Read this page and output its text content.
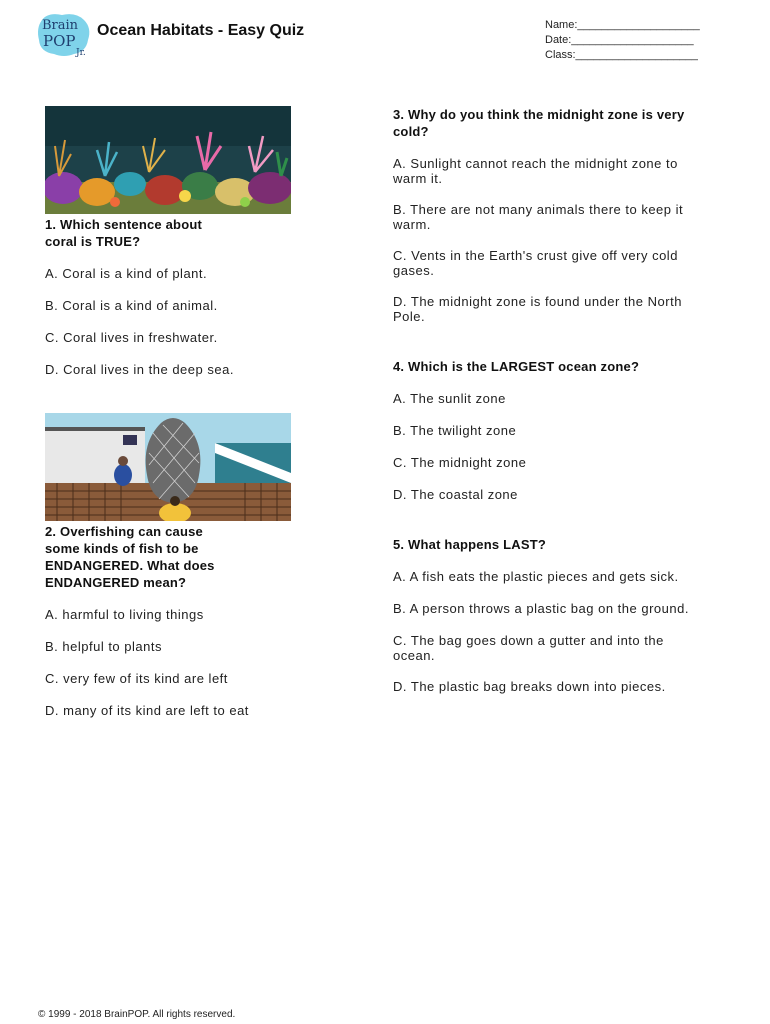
Brain
POP
Jr.
Ocean Habitats - Easy Quiz	Name:____________________
Date:____________________
Class:____________________

1. Which sentence about
coral is TRUE?

A. Coral is a kind of plant.

B. Coral is a kind of animal.

C. Coral lives in freshwater.

D. Coral lives in the deep sea.

2. Overfishing can cause
some kinds of fish to be
ENDANGERED. What does
ENDANGERED mean?

A. harmful to living things

B. helpful to plants

C. very few of its kind are left

D. many of its kind are left to eat

3. Why do you think the midnight zone is very
cold?

A. Sunlight cannot reach the midnight zone to
warm it.

B. There are not many animals there to keep it
warm.

C. Vents in the Earth's crust give off very cold
gases.

D. The midnight zone is found under the North
Pole.

4. Which is the LARGEST ocean zone?

A. The sunlit zone

B. The twilight zone

C. The midnight zone

D. The coastal zone

5. What happens LAST?

A. A fish eats the plastic pieces and gets sick.

B. A person throws a plastic bag on the ground.

C. The bag goes down a gutter and into the
ocean.

D. The plastic bag breaks down into pieces.

© 1999 - 2018 BrainPOP. All rights reserved.
